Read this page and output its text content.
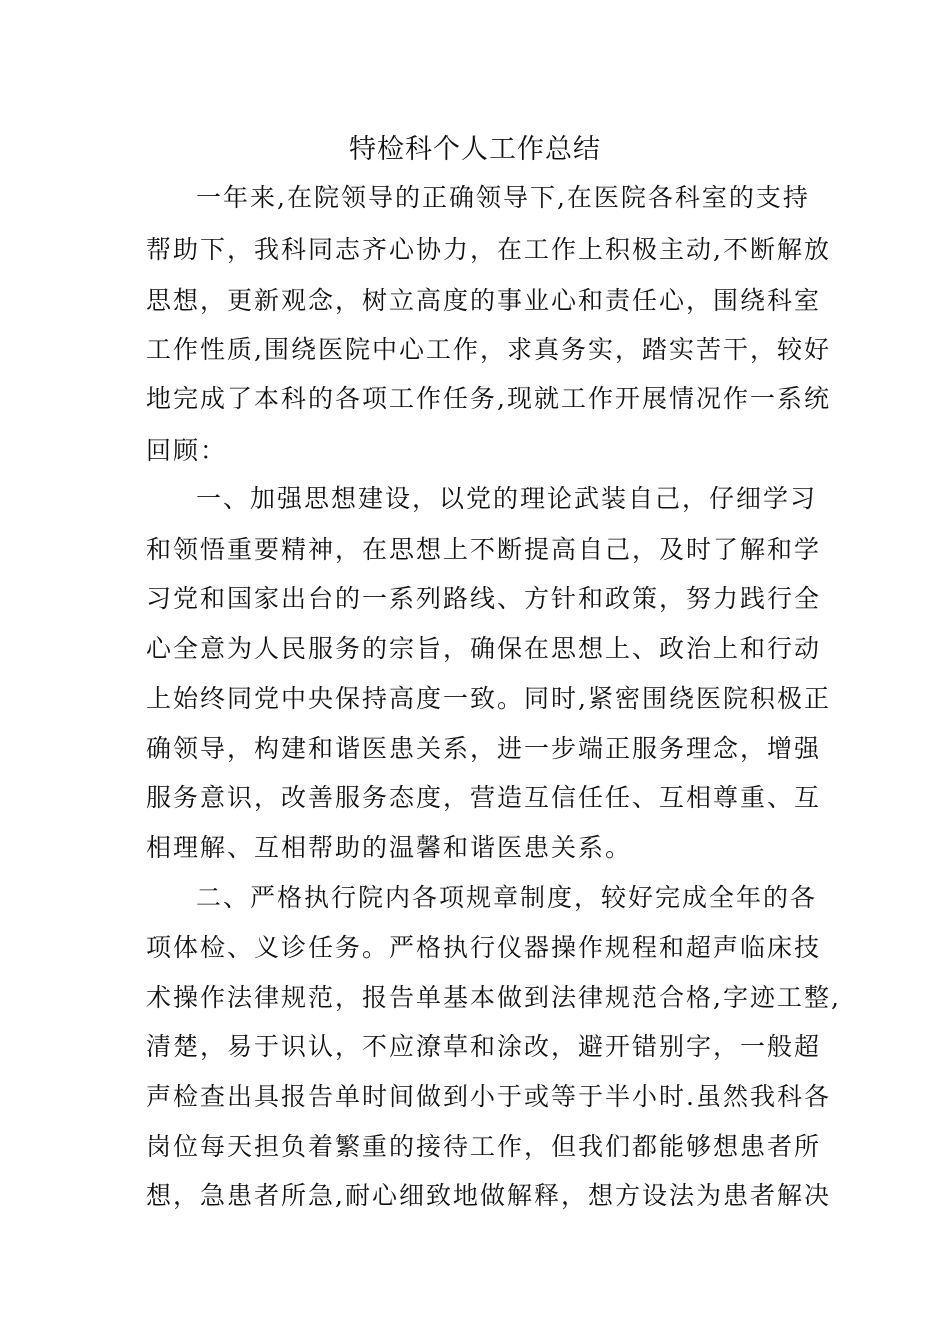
特检科个人工作总结
一年来,在院领导的正确领导下,在医院各科室的支持
帮助下，我科同志齐心协力，在工作上积极主动,不断解放
思想，更新观念，树立高度的事业心和责任心，围绕科室
工作性质,围绕医院中心工作，求真务实，踏实苦干，较好
地完成了本科的各项工作任务,现就工作开展情况作一系统
回顾：
一、加强思想建设，以党的理论武装自己，仔细学习
和领悟重要精神，在思想上不断提高自己，及时了解和学
习党和国家出台的一系列路线、方针和政策，努力践行全
心全意为人民服务的宗旨，确保在思想上、政治上和行动
上始终同党中央保持高度一致。同时,紧密围绕医院积极正
确领导，构建和谐医患关系，进一步端正服务理念，增强
服务意识，改善服务态度，营造互信任任、互相尊重、互
相理解、互相帮助的温馨和谐医患关系。
二、严格执行院内各项规章制度，较好完成全年的各
项体检、义诊任务。严格执行仪器操作规程和超声临床技
术操作法律规范，报告单基本做到法律规范合格,字迹工整,
清楚，易于识认，不应潦草和涂改，避开错别字，一般超
声检查出具报告单时间做到小于或等于半小时.虽然我科各
岗位每天担负着繁重的接待工作，但我们都能够想患者所
想，急患者所急,耐心细致地做解释，想方设法为患者解决
